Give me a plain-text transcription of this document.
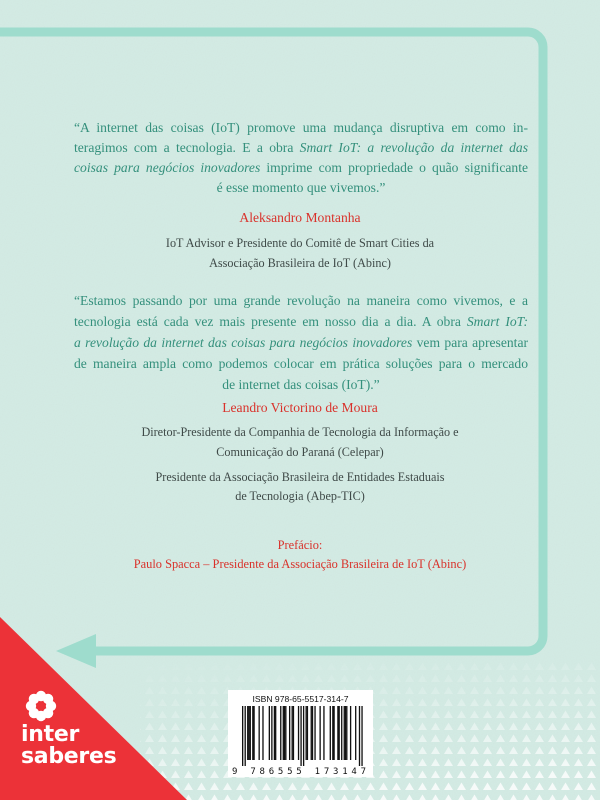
ISBN 978-65-5517-314-7
9 786555 173147
“A internet das coisas (IoT) promove uma mudança disruptiva em como in-
teragimos com a tecnologia. E a obra Smart IoT: a revolução da internet das
coisas para negócios inovadores imprime com propriedade o quão significante
é esse momento que vivemos.”
Aleksandro Montanha
IoT Advisor e Presidente do Comitê de Smart Cities da
Associação Brasileira de IoT (Abinc)
“Estamos passando por uma grande revolução na maneira como vivemos, e a
tecnologia está cada vez mais presente em nosso dia a dia. A obra Smart IoT:
a revolução da internet das coisas para negócios inovadores vem para apresentar
de maneira ampla como podemos colocar em prática soluções para o mercado
de internet das coisas (IoT).”
Leandro Victorino de Moura
Diretor-Presidente da Companhia de Tecnologia da Informação e
Comunicação do Paraná (Celepar)
Presidente da Associação Brasileira de Entidades Estaduais
de Tecnologia (Abep-TIC)
Prefácio:
Paulo Spacca – Presidente da Associação Brasileira de IoT (Abinc)
inter
saberes
